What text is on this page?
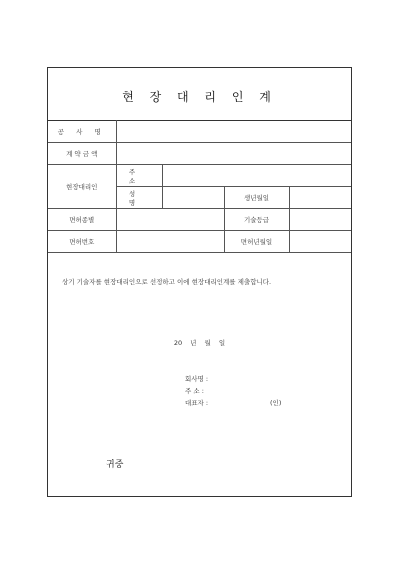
현 장 대 리 인 계
공 사 명				
계 약 금 액				
현장대리인	주 소			
	성 명		생년월일	
면허종별			기술등급	
면허번호			면허년월일	
상기 기술자를 현장대리인으로 선정하고 이에 현장대리인계를 제출합니다.
20 년 월 일
회사명 :
주 소 :
대표자 :	(인)
귀중
